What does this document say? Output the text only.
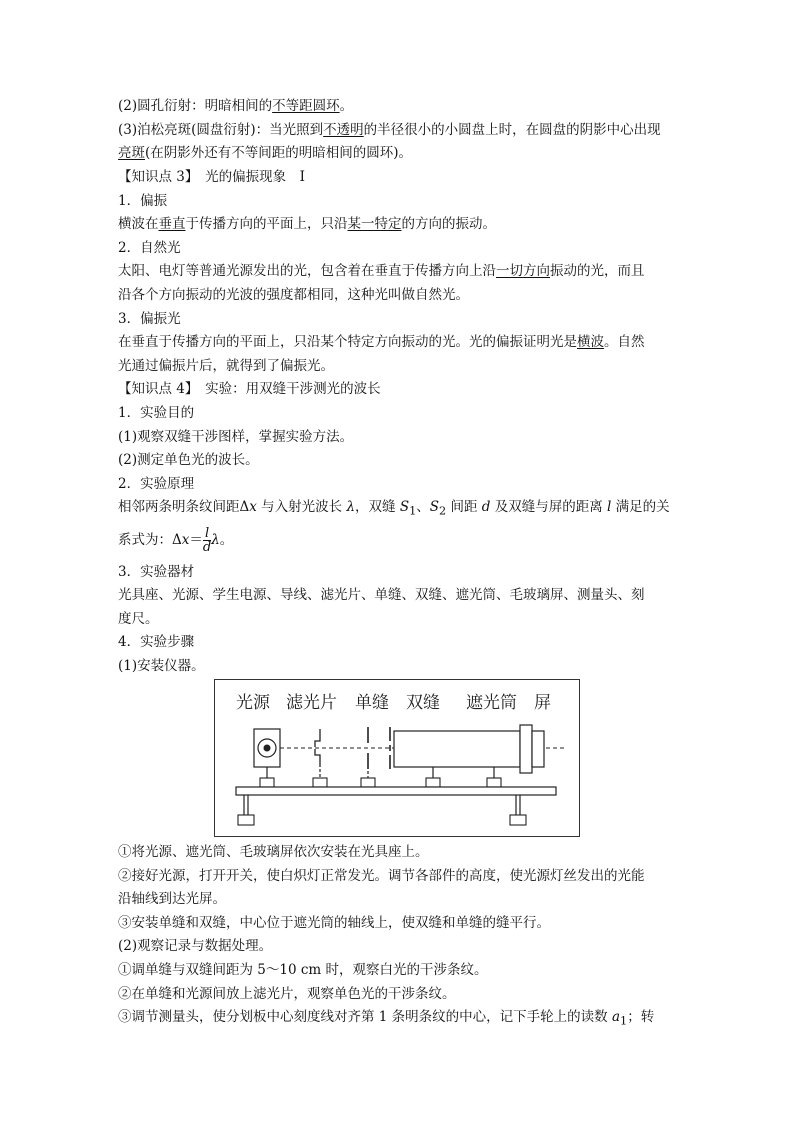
(2)圆孔衍射：明暗相间的不等距圆环。
(3)泊松亮斑(圆盘衍射)：当光照到不透明的半径很小的小圆盘上时，在圆盘的阴影中心出现
亮斑(在阴影外还有不等间距的明暗相间的圆环)。
【知识点 3】　光的偏振现象　Ⅰ
1．偏振
横波在垂直于传播方向的平面上，只沿某一特定的方向的振动。
2．自然光
太阳、电灯等普通光源发出的光，包含着在垂直于传播方向上沿一切方向振动的光，而且
沿各个方向振动的光波的强度都相同，这种光叫做自然光。
3．偏振光
在垂直于传播方向的平面上，只沿某个特定方向振动的光。光的偏振证明光是横波。自然
光通过偏振片后，就得到了偏振光。
【知识点 4】　实验：用双缝干涉测光的波长
1．实验目的
(1)观察双缝干涉图样，掌握实验方法。
(2)测定单色光的波长。
2．实验原理
相邻两条明条纹间距Δx 与入射光波长 λ，双缝 $S_1$、$S_2$ 间距 d 及双缝与屏的距离 l 满足的关
系式为：$\Delta x= \frac{l}{d}$ λ。
3．实验器材
光具座、光源、学生电源、导线、滤光片、单缝、双缝、遮光筒、毛玻璃屏、测量头、刻
度尺。
4．实验步骤
(1)安装仪器。
光源 滤光片 单缝 双缝 遮光筒 屏
①将光源、遮光筒、毛玻璃屏依次安装在光具座上。
②接好光源，打开开关，使白炽灯正常发光。调节各部件的高度，使光源灯丝发出的光能
沿轴线到达光屏。
③安装单缝和双缝，中心位于遮光筒的轴线上，使双缝和单缝的缝平行。
(2)观察记录与数据处理。
①调单缝与双缝间距为 5～10 cm 时，观察白光的干涉条纹。
②在单缝和光源间放上滤光片，观察单色光的干涉条纹。
③调节测量头，使分划板中心刻度线对齐第 1 条明条纹的中心，记下手轮上的读数 $a_1$；转
